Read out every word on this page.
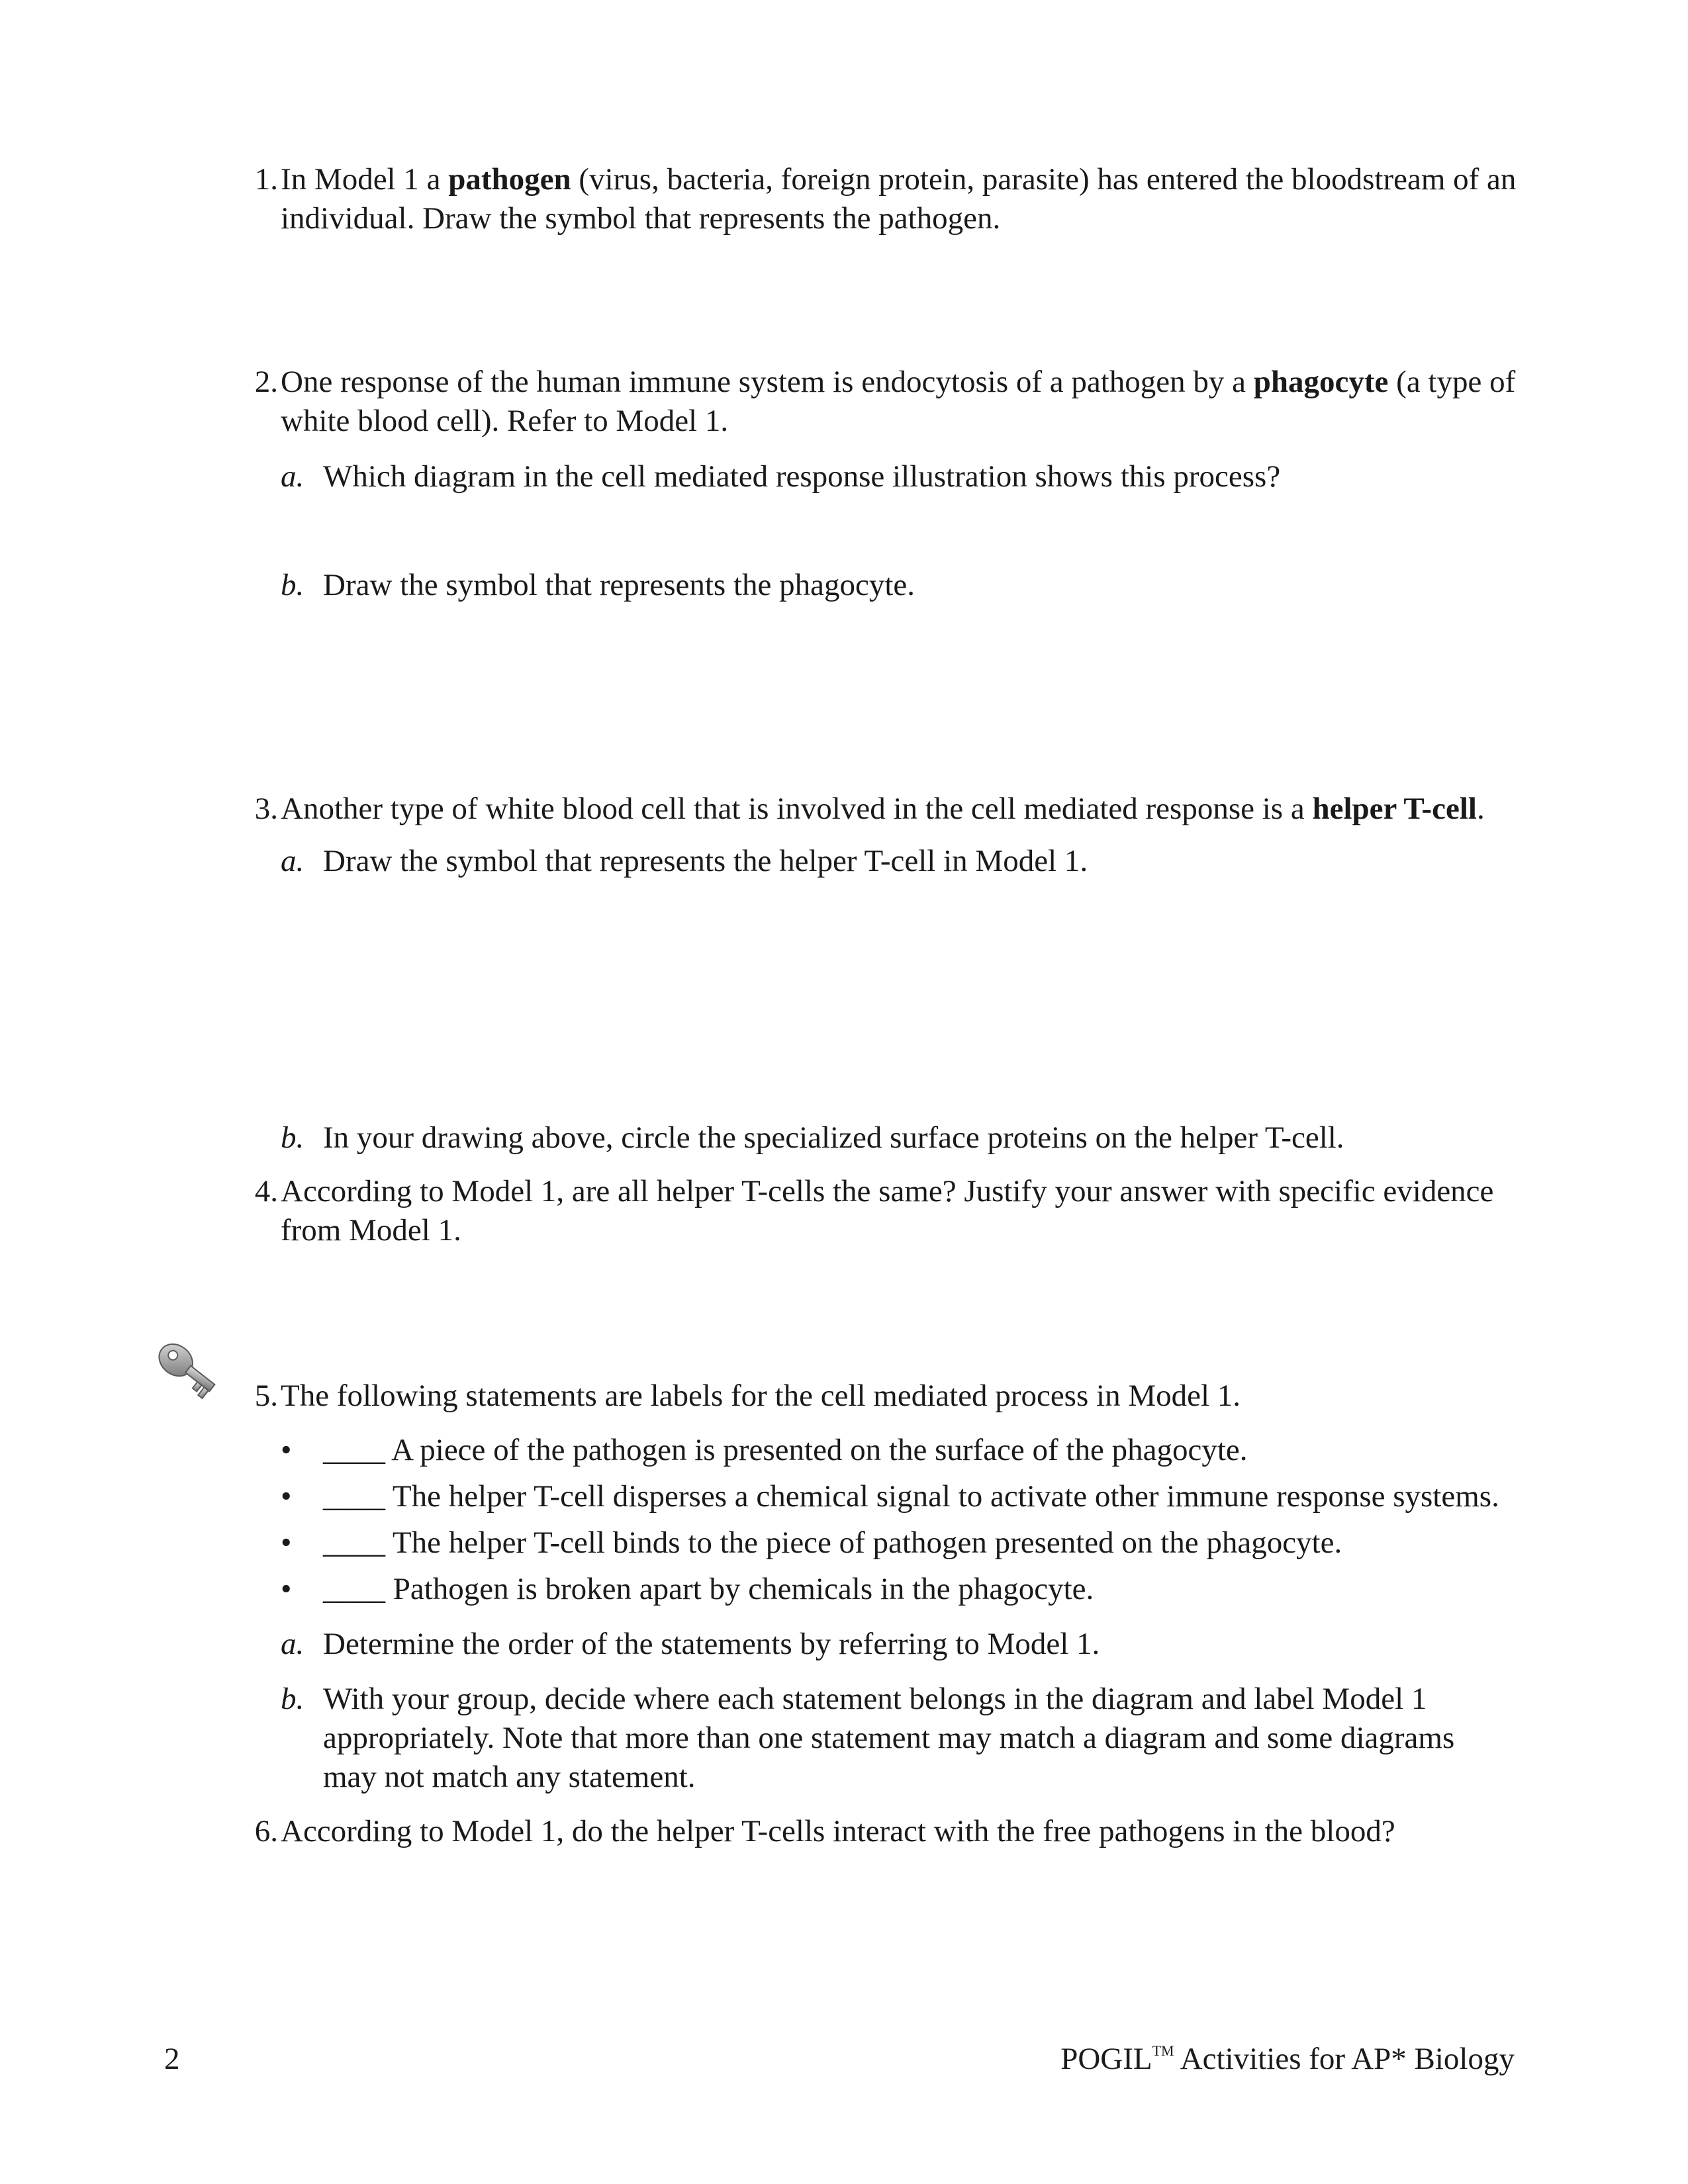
1. In Model 1 a pathogen (virus, bacteria, foreign protein, parasite) has entered the bloodstream of an individual. Draw the symbol that represents the pathogen.
2. One response of the human immune system is endocytosis of a pathogen by a phagocyte (a type of white blood cell). Refer to Model 1.
a. Which diagram in the cell mediated response illustration shows this process?
b. Draw the symbol that represents the phagocyte.
3. Another type of white blood cell that is involved in the cell mediated response is a helper T-cell.
a. Draw the symbol that represents the helper T-cell in Model 1.
b. In your drawing above, circle the specialized surface proteins on the helper T-cell.
4. According to Model 1, are all helper T-cells the same? Justify your answer with specific evidence from Model 1.
5. The following statements are labels for the cell mediated process in Model 1.
• ____ A piece of the pathogen is presented on the surface of the phagocyte.
• ____ The helper T-cell disperses a chemical signal to activate other immune response systems.
• ____ The helper T-cell binds to the piece of pathogen presented on the phagocyte.
• ____ Pathogen is broken apart by chemicals in the phagocyte.
a. Determine the order of the statements by referring to Model 1.
b. With your group, decide where each statement belongs in the diagram and label Model 1 appropriately. Note that more than one statement may match a diagram and some diagrams may not match any statement.
6. According to Model 1, do the helper T-cells interact with the free pathogens in the blood?
2	POGIL™ Activities for AP* Biology
